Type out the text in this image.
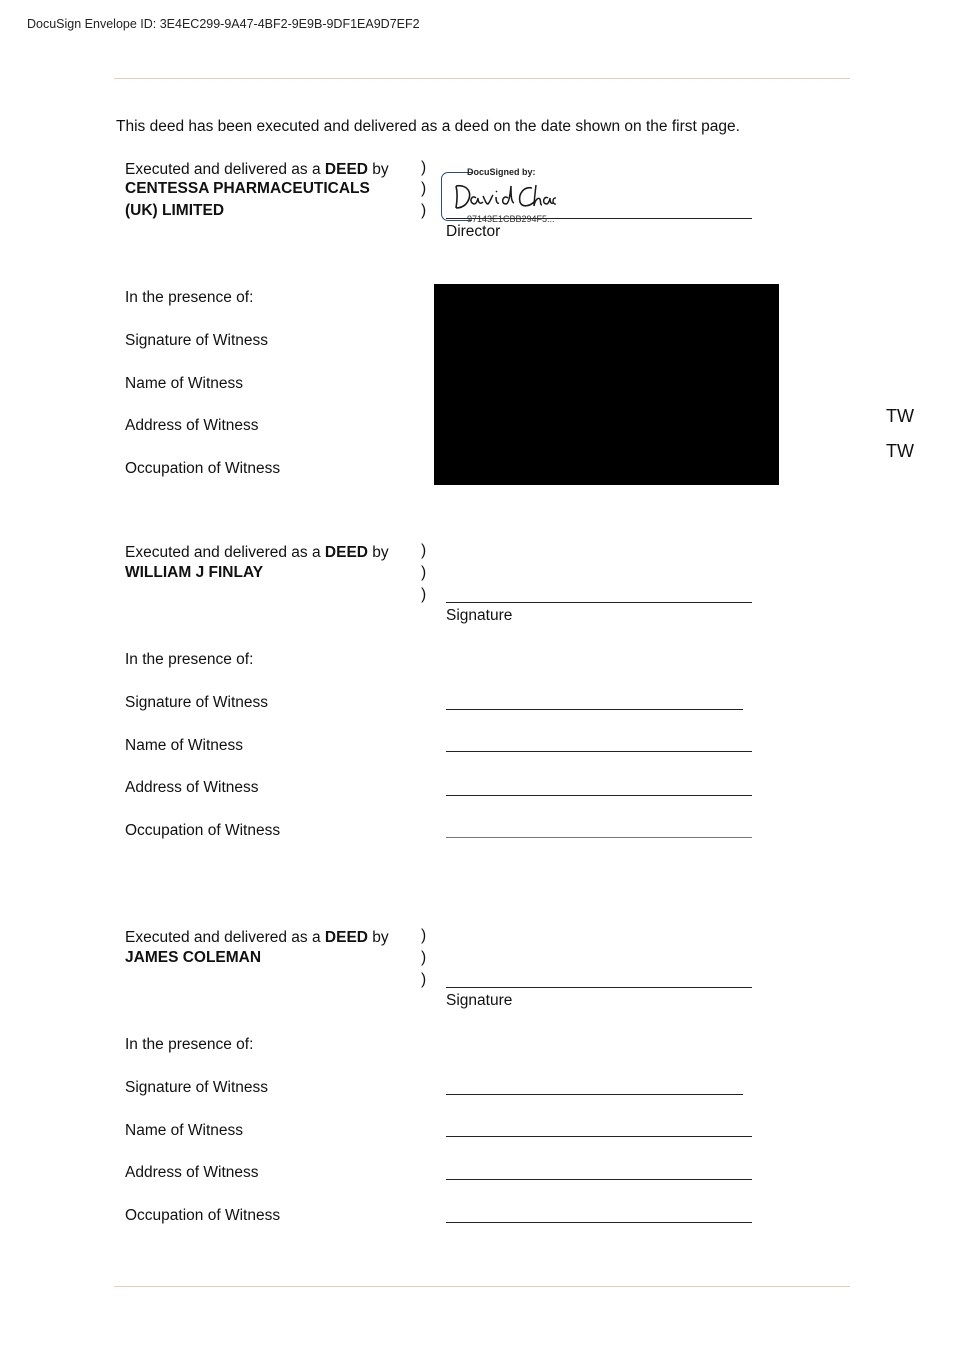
DocuSign Envelope ID: 3E4EC299-9A47-4BF2-9E9B-9DF1EA9D7EF2
This deed has been executed and delivered as a deed on the date shown on the first page.
Executed and delivered as a DEED by
CENTESSA PHARMACEUTICALS
(UK) LIMITED
)
)
)
DocuSigned by:
97143E1CBB294F5...
Director
In the presence of:
Signature of Witness
Name of Witness
Address of Witness
Occupation of Witness
TW
TW
Executed and delivered as a DEED by
WILLIAM J FINLAY
)
)
)
Signature
In the presence of:
Signature of Witness
Name of Witness
Address of Witness
Occupation of Witness
Executed and delivered as a DEED by
JAMES COLEMAN
)
)
)
Signature
In the presence of:
Signature of Witness
Name of Witness
Address of Witness
Occupation of Witness
